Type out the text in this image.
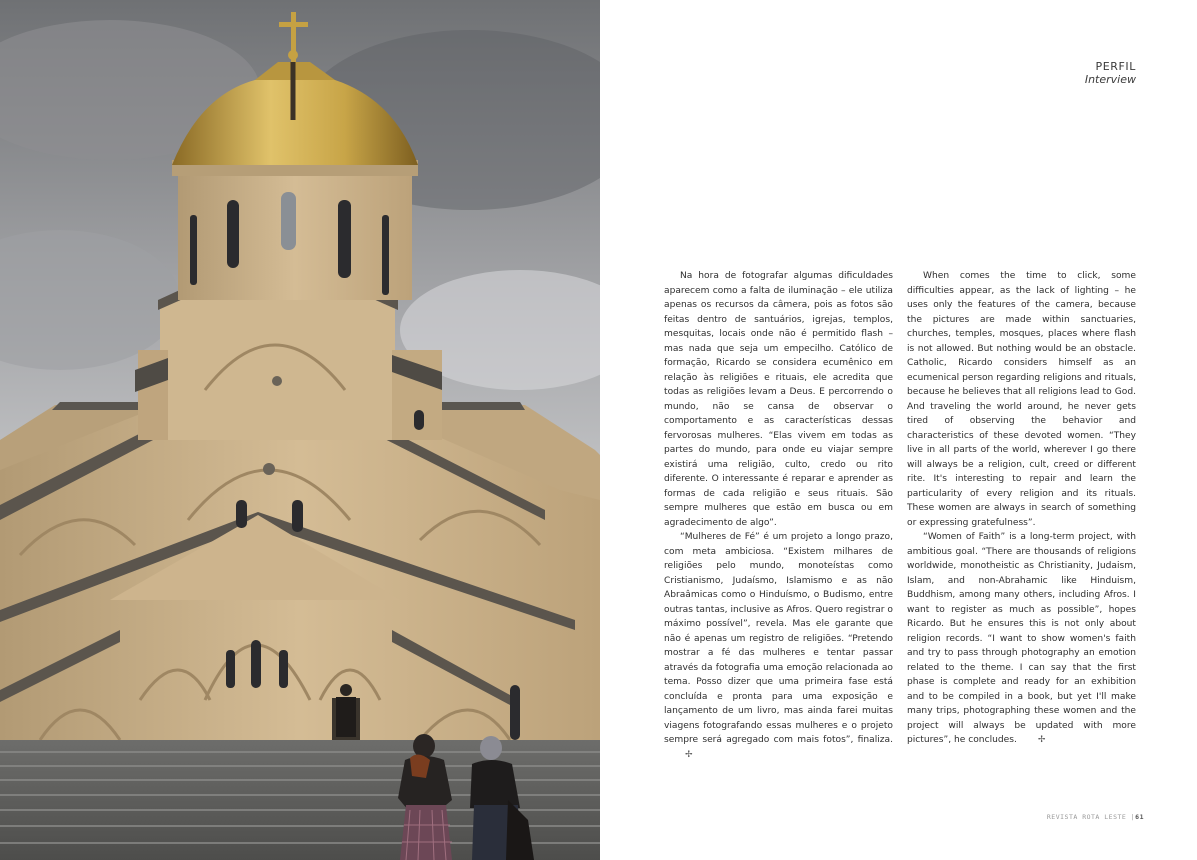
PERFIL
Interview

Na hora de fotografar algumas dificuldades aparecem como a falta de iluminação – ele utiliza apenas os recursos da câmera, pois as fotos são feitas dentro de santuários, igrejas, templos, mesquitas, locais onde não é permitido flash – mas nada que seja um empecilho. Católico de formação, Ricardo se considera ecumênico em relação às religiões e rituais, ele acredita que todas as religiões levam a Deus. E percorrendo o mundo, não se cansa de observar o comportamento e as características dessas fervorosas mulheres. “Elas vivem em todas as partes do mundo, para onde eu viajar sempre existirá uma religião, culto, credo ou rito diferente. O interessante é reparar e aprender as formas de cada religião e seus rituais. São sempre mulheres que estão em busca ou em agradecimento de algo”.

“Mulheres de Fé” é um projeto a longo prazo, com meta ambiciosa. “Existem milhares de religiões pelo mundo, monoteístas como Cristianismo, Judaísmo, Islamismo e as não Abraâmicas como o Hinduísmo, o Budismo, entre outras tantas, inclusive as Afros. Quero registrar o máximo possível”, revela. Mas ele garante que não é apenas um registro de religiões. “Pretendo mostrar a fé das mulheres e tentar passar através da fotografia uma emoção relacionada ao tema. Posso dizer que uma primeira fase está concluída e pronta para uma exposição e lançamento de um livro, mas ainda farei muitas viagens fotografando essas mulheres e o projeto sempre será agregado com mais fotos”, finaliza.✢

When comes the time to click, some difficulties appear, as the lack of lighting – he uses only the features of the camera, because the pictures are made within sanctuaries, churches, temples, mosques, places where flash is not allowed. But nothing would be an obstacle. Catholic, Ricardo considers himself as an ecumenical person regarding religions and rituals, because he believes that all religions lead to God. And traveling the world around, he never gets tired of observing the behavior and characteristics of these devoted women. “They live in all parts of the world, wherever I go there will always be a religion, cult, creed or different rite. It's interesting to repair and learn the particularity of every religion and its rituals. These women are always in search of something or expressing gratefulness”.

“Women of Faith” is a long-term project, with ambitious goal. “There are thousands of religions worldwide, monotheistic as Christianity, Judaism, Islam, and non-Abrahamic like Hinduism, Buddhism, among many others, including Afros. I want to register as much as possible”, hopes Ricardo. But he ensures this is not only about religion records. “I want to show women's faith and try to pass through photography an emotion related to the theme. I can say that the first phase is complete and ready for an exhibition and to be compiled in a book, but yet I'll make many trips, photographing these women and the project will always be updated with more pictures”, he concludes. ✢

REVISTA ROTA LESTE |61
